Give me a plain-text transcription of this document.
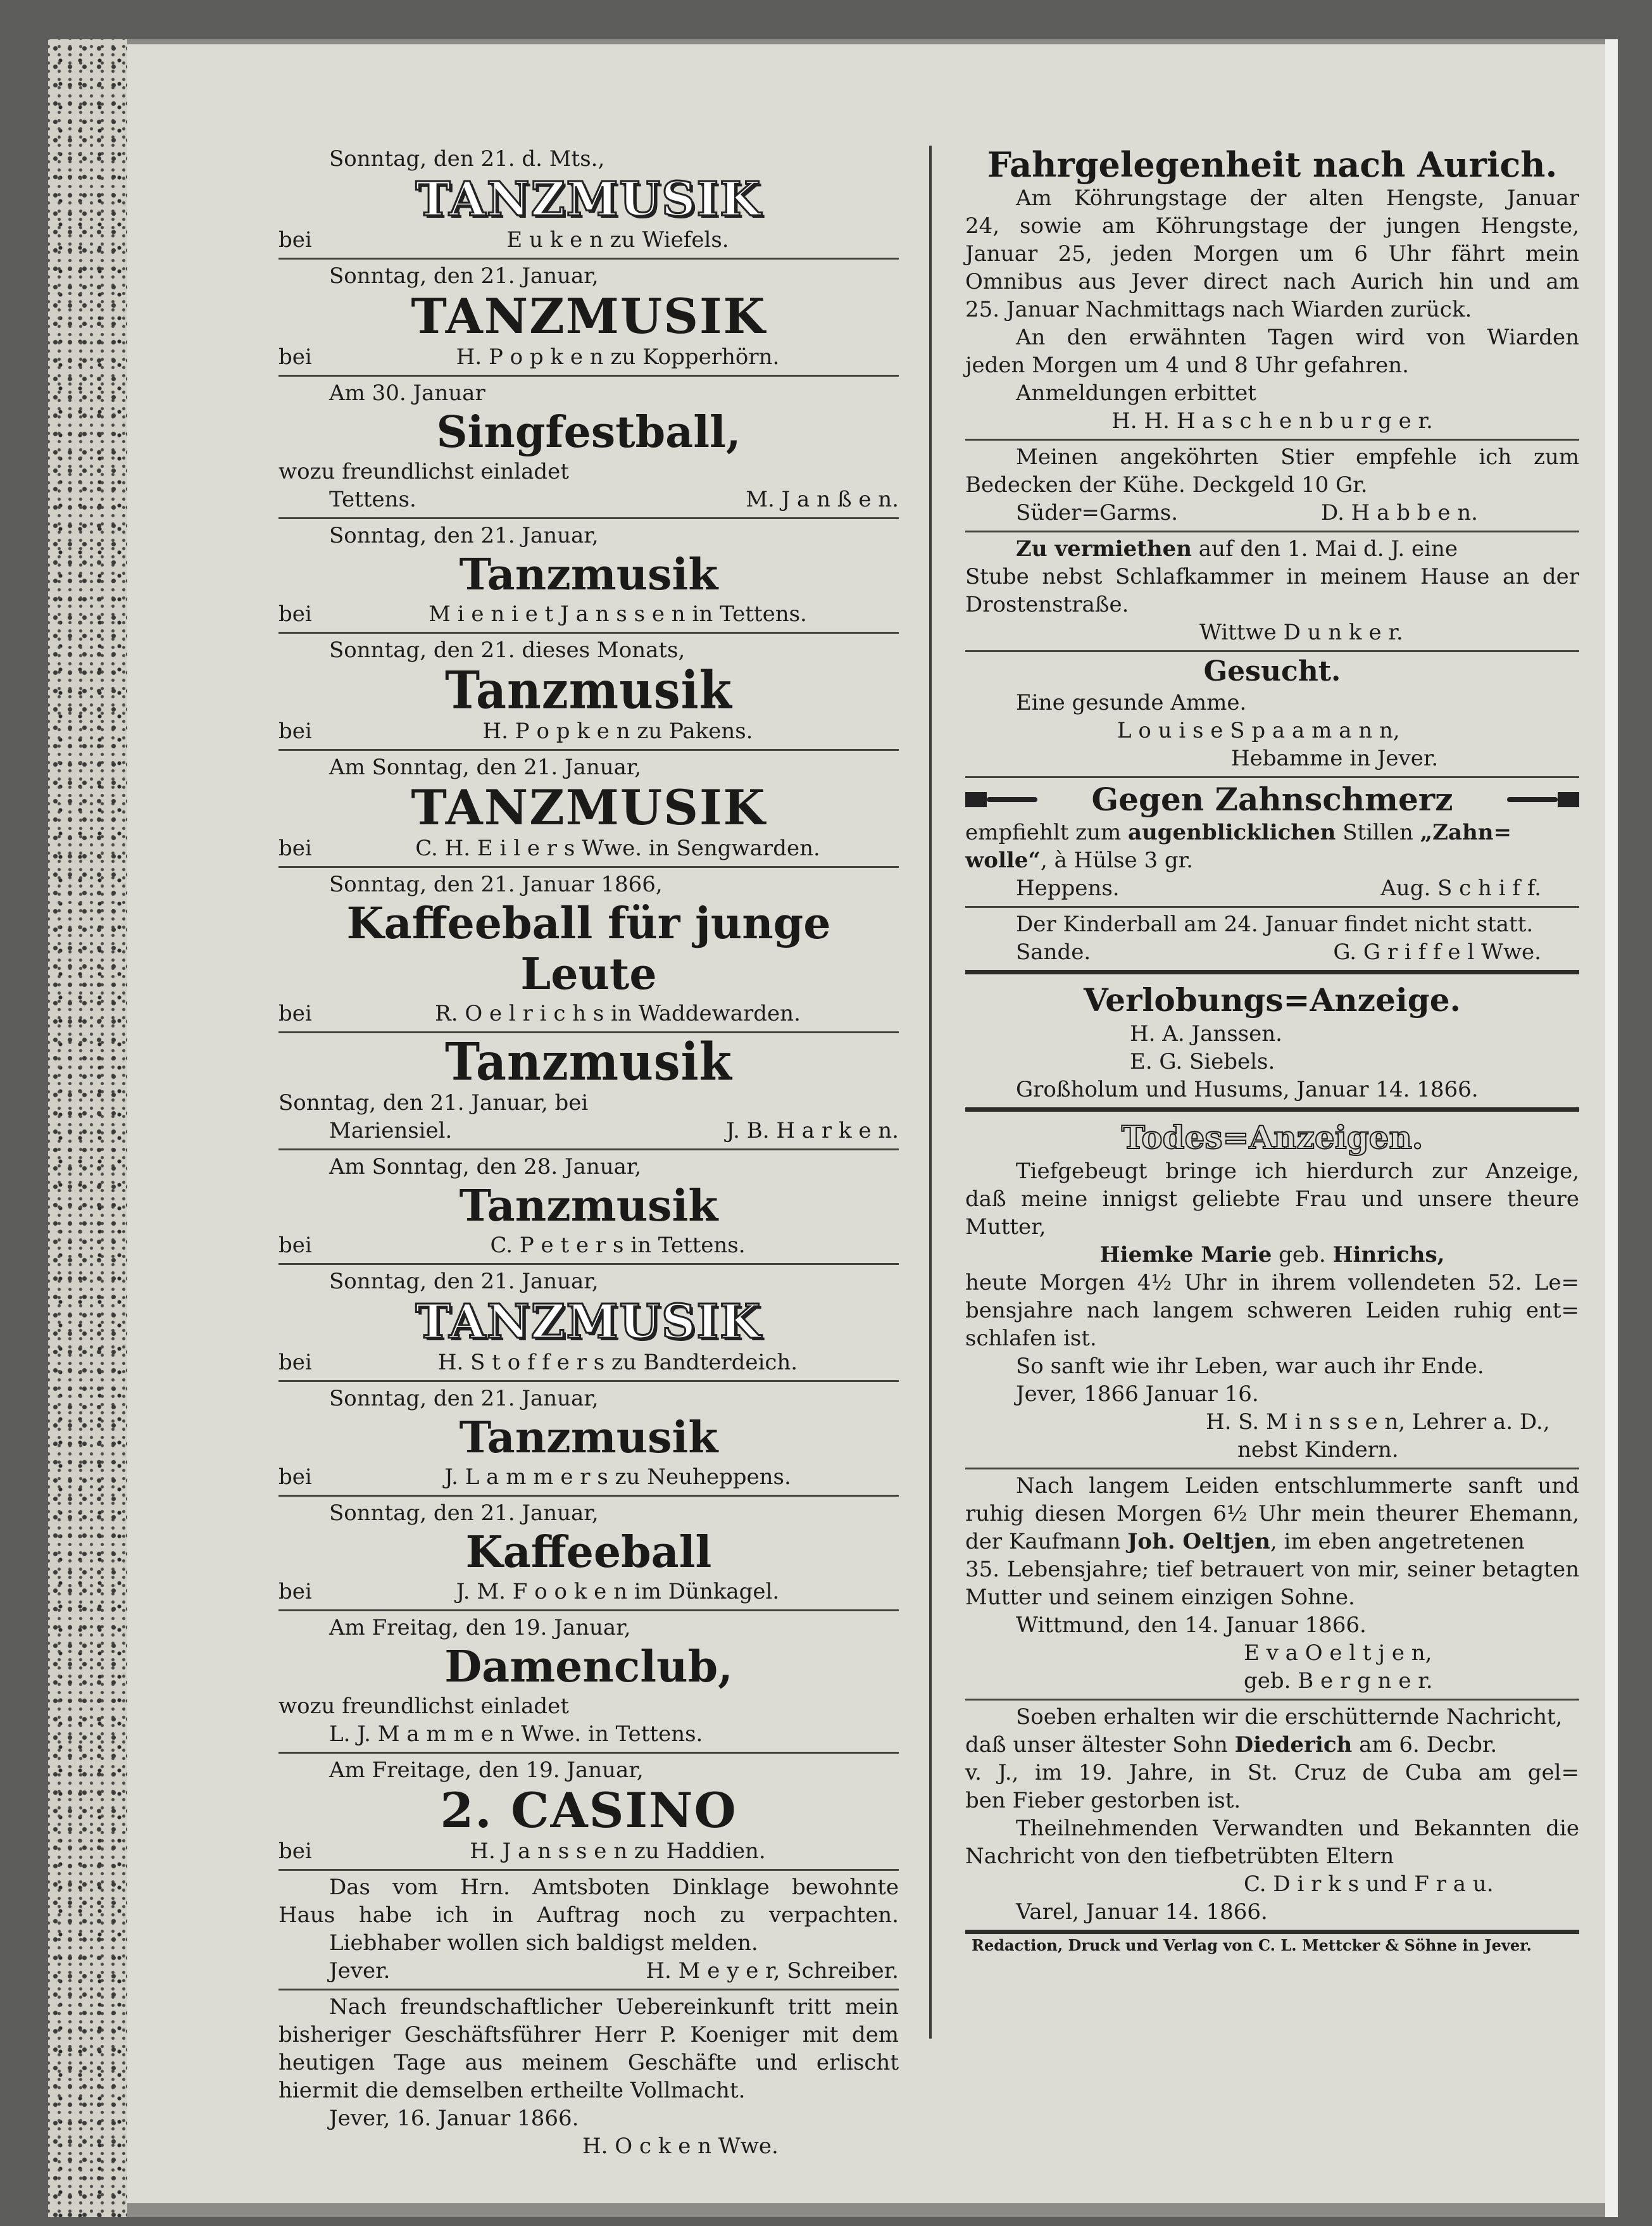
Sonntag, den 21. d. Mts.,
TANZMUSIK
bei	E u k e n zu Wiefels.
Sonntag, den 21. Januar,
TANZMUSIK
bei	H. P o p k e n zu Kopperhörn.
Am 30. Januar
Singfestball,
wozu freundlichst einladet
Tettens.	M. J a n ß e n.
Sonntag, den 21. Januar,
Tanzmusik
bei	M i e n i e t J a n s s e n in Tettens.
Sonntag, den 21. dieses Monats,
Tanzmusik
bei	H. P o p k e n zu Pakens.
Am Sonntag, den 21. Januar,
TANZMUSIK
bei	C. H. E i l e r s Wwe. in Sengwarden.
Sonntag, den 21. Januar 1866,
Kaffeeball für junge Leute
bei	R. O e l r i c h s in Waddewarden.
Tanzmusik
Sonntag, den 21. Januar, bei
Mariensiel.	J. B. H a r k e n.
Am Sonntag, den 28. Januar,
Tanzmusik
bei	C. P e t e r s in Tettens.
Sonntag, den 21. Januar,
TANZMUSIK
bei	H. S t o f f e r s zu Bandterdeich.
Sonntag, den 21. Januar,
Tanzmusik
bei	J. L a m m e r s zu Neuheppens.
Sonntag, den 21. Januar,
Kaffeeball
bei	J. M. F o o k e n im Dünkagel.
Am Freitag, den 19. Januar,
Damenclub,
wozu freundlichst einladet
L. J. M a m m e n Wwe. in Tettens.
Am Freitage, den 19. Januar,
2. CASINO
bei	H. J a n s s e n zu Haddien.
Das vom Hrn. Amtsboten Dinklage bewohnte
Haus habe ich in Auftrag noch zu verpachten.
Liebhaber wollen sich baldigst melden.
Jever.	H. M e y e r, Schreiber.
Nach freundschaftlicher Uebereinkunft tritt mein
bisheriger Geschäftsführer Herr P. Koeniger mit dem
heutigen Tage aus meinem Geschäfte und erlischt
hiermit die demselben ertheilte Vollmacht.
Jever, 16. Januar 1866.
H. O c k e n Wwe.
Fahrgelegenheit nach Aurich.
Am Köhrungstage der alten Hengste, Januar
24, sowie am Köhrungstage der jungen Hengste,
Januar 25, jeden Morgen um 6 Uhr fährt mein
Omnibus aus Jever direct nach Aurich hin und am
25. Januar Nachmittags nach Wiarden zurück.
An den erwähnten Tagen wird von Wiarden
jeden Morgen um 4 und 8 Uhr gefahren.
Anmeldungen erbittet
H. H. H a s c h e n b u r g e r.
Meinen angeköhrten Stier empfehle ich zum
Bedecken der Kühe. Deckgeld 10 Gr.
Süder=Garms.	D. H a b b e n.
Zu vermiethen auf den 1. Mai d. J. eine
Stube nebst Schlafkammer in meinem Hause an der
Drostenstraße.
Wittwe D u n k e r.
Gesucht.
Eine gesunde Amme.
L o u i s e S p a a m a n n,
Hebamme in Jever.
Gegen Zahnschmerz
empfiehlt zum augenblicklichen Stillen „Zahn=
wolle“, à Hülse 3 gr.
Heppens.	Aug. S c h i f f.
Der Kinderball am 24. Januar findet nicht statt.
Sande.	G. G r i f f e l Wwe.
Verlobungs=Anzeige.
H. A. Janssen.
E. G. Siebels.
Großholum und Husums, Januar 14. 1866.
Todes=Anzeigen.
Tiefgebeugt bringe ich hierdurch zur Anzeige,
daß meine innigst geliebte Frau und unsere theure
Mutter,
Hiemke Marie geb. Hinrichs,
heute Morgen 4½ Uhr in ihrem vollendeten 52. Le=
bensjahre nach langem schweren Leiden ruhig ent=
schlafen ist.
So sanft wie ihr Leben, war auch ihr Ende.
Jever, 1866 Januar 16.
H. S. M i n s s e n, Lehrer a. D.,
nebst Kindern.
Nach langem Leiden entschlummerte sanft und
ruhig diesen Morgen 6½ Uhr mein theurer Ehemann,
der Kaufmann Joh. Oeltjen, im eben angetretenen
35. Lebensjahre; tief betrauert von mir, seiner betagten
Mutter und seinem einzigen Sohne.
Wittmund, den 14. Januar 1866.
E v a O e l t j e n,
geb. B e r g n e r.
Soeben erhalten wir die erschütternde Nachricht,
daß unser ältester Sohn Diederich am 6. Decbr.
v. J., im 19. Jahre, in St. Cruz de Cuba am gel=
ben Fieber gestorben ist.
Theilnehmenden Verwandten und Bekannten die
Nachricht von den tiefbetrübten Eltern
C. D i r k s und F r a u.
Varel, Januar 14. 1866.
Redaction, Druck und Verlag von C. L. Mettcker & Söhne in Jever.
